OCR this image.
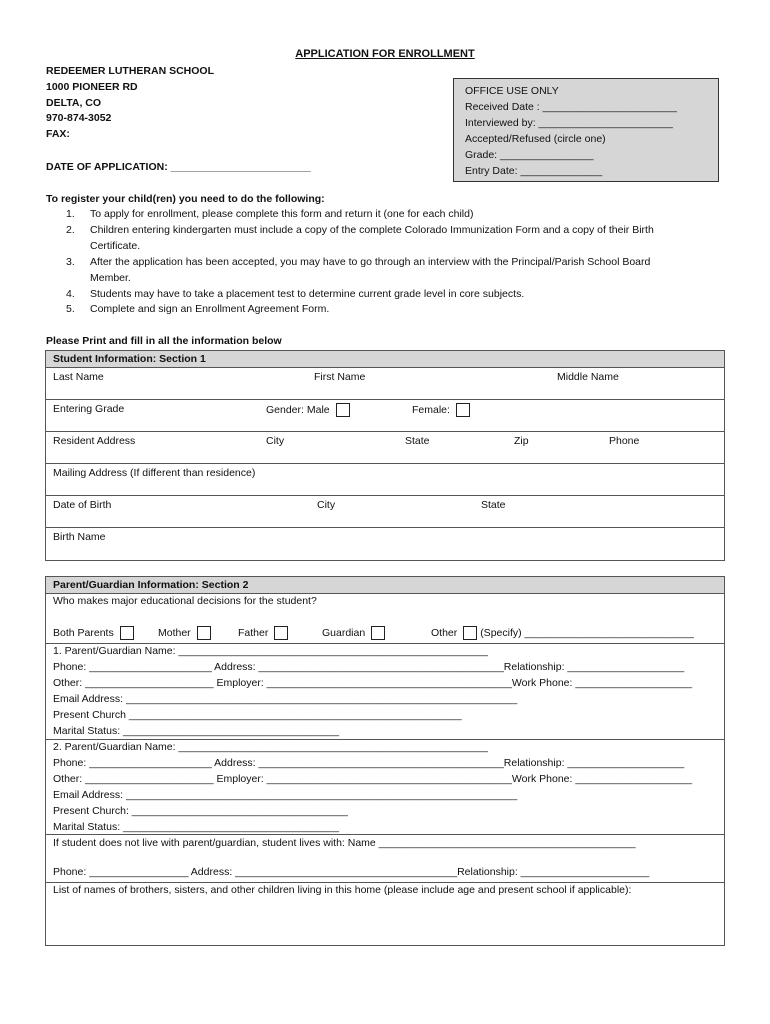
APPLICATION FOR ENROLLMENT
REDEEMER LUTHERAN SCHOOL
1000 PIONEER RD
DELTA, CO
970-874-3052
FAX:
OFFICE USE ONLY
Received Date : _______________________
Interviewed by: _______________________
Accepted/Refused (circle one)
Grade: ________________
Entry Date: ______________
DATE OF APPLICATION: ________________________
To register your child(ren) you need to do the following:
1. To apply for enrollment, please complete this form and return it (one for each child)
2. Children entering kindergarten must include a copy of the complete Colorado Immunization Form and a copy of their Birth
Certificate.
3. After the application has been accepted, you may have to go through an interview with the Principal/Parish School Board
Member.
4. Students may have to take a placement test to determine current grade level in core subjects.
5. Complete and sign an Enrollment Agreement Form.
Please Print and fill in all the information below
Student Information: Section 1
Last Name	First Name	Middle Name
Entering Grade	Gender: Male	Female:
Resident Address	City	State	Zip	Phone
Mailing Address (If different than residence)
Date of Birth	City	State
Birth Name
Parent/Guardian Information: Section 2
Who makes major educational decisions for the student?
Both Parents	Mother	Father	Guardian	Other (Specify) _____________________________
1. Parent/Guardian Name: _____________________________________________________
Phone: _____________________ Address: __________________________________________Relationship: ____________________
Other: ______________________ Employer: __________________________________________Work Phone: ____________________
Email Address: ___________________________________________________________________
Present Church _________________________________________________________
Marital Status: _____________________________________
2. Parent/Guardian Name: _____________________________________________________
Phone: _____________________ Address: __________________________________________Relationship: ____________________
Other: ______________________ Employer: __________________________________________Work Phone: ____________________
Email Address: ___________________________________________________________________
Present Church: _____________________________________
Marital Status: _____________________________________
If student does not live with parent/guardian, student lives with: Name ____________________________________________
Phone: _________________ Address: ______________________________________Relationship: ______________________
List of names of brothers, sisters, and other children living in this home (please include age and present school if applicable):
